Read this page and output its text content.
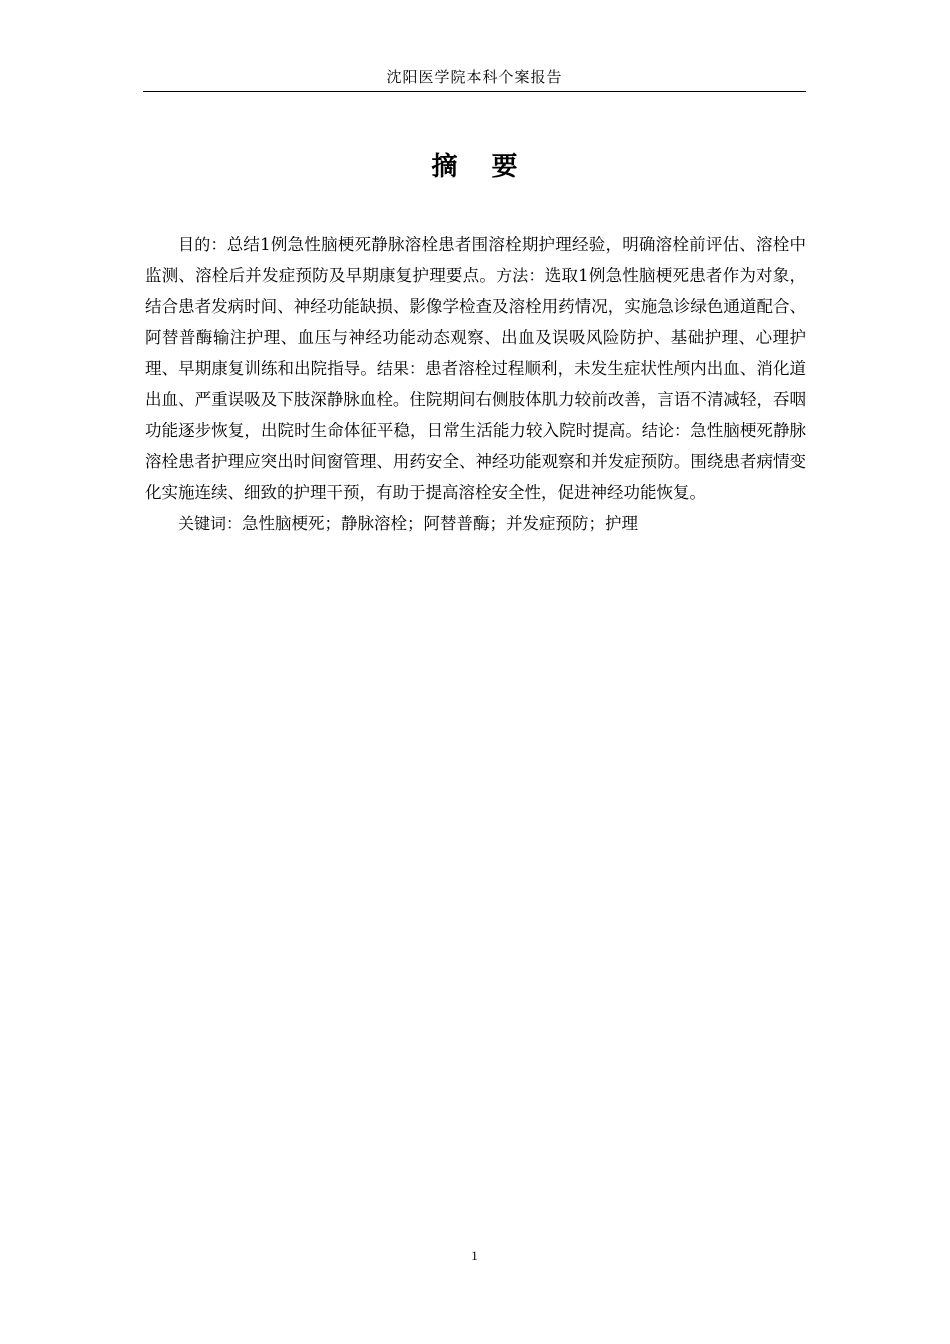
沈阳医学院本科个案报告
摘要

目的：总结1例急性脑梗死静脉溶栓患者围溶栓期护理经验，明确溶栓前评估、溶栓中监测、溶栓后并发症预防及早期康复护理要点。方法：选取1例急性脑梗死患者作为对象，结合患者发病时间、神经功能缺损、影像学检查及溶栓用药情况，实施急诊绿色通道配合、阿替普酶输注护理、血压与神经功能动态观察、出血及误吸风险防护、基础护理、心理护理、早期康复训练和出院指导。结果：患者溶栓过程顺利，未发生症状性颅内出血、消化道出血、严重误吸及下肢深静脉血栓。住院期间右侧肢体肌力较前改善，言语不清减轻，吞咽功能逐步恢复，出院时生命体征平稳，日常生活能力较入院时提高。结论：急性脑梗死静脉溶栓患者护理应突出时间窗管理、用药安全、神经功能观察和并发症预防。围绕患者病情变化实施连续、细致的护理干预，有助于提高溶栓安全性，促进神经功能恢复。

关键词：急性脑梗死；静脉溶栓；阿替普酶；并发症预防；护理

1
